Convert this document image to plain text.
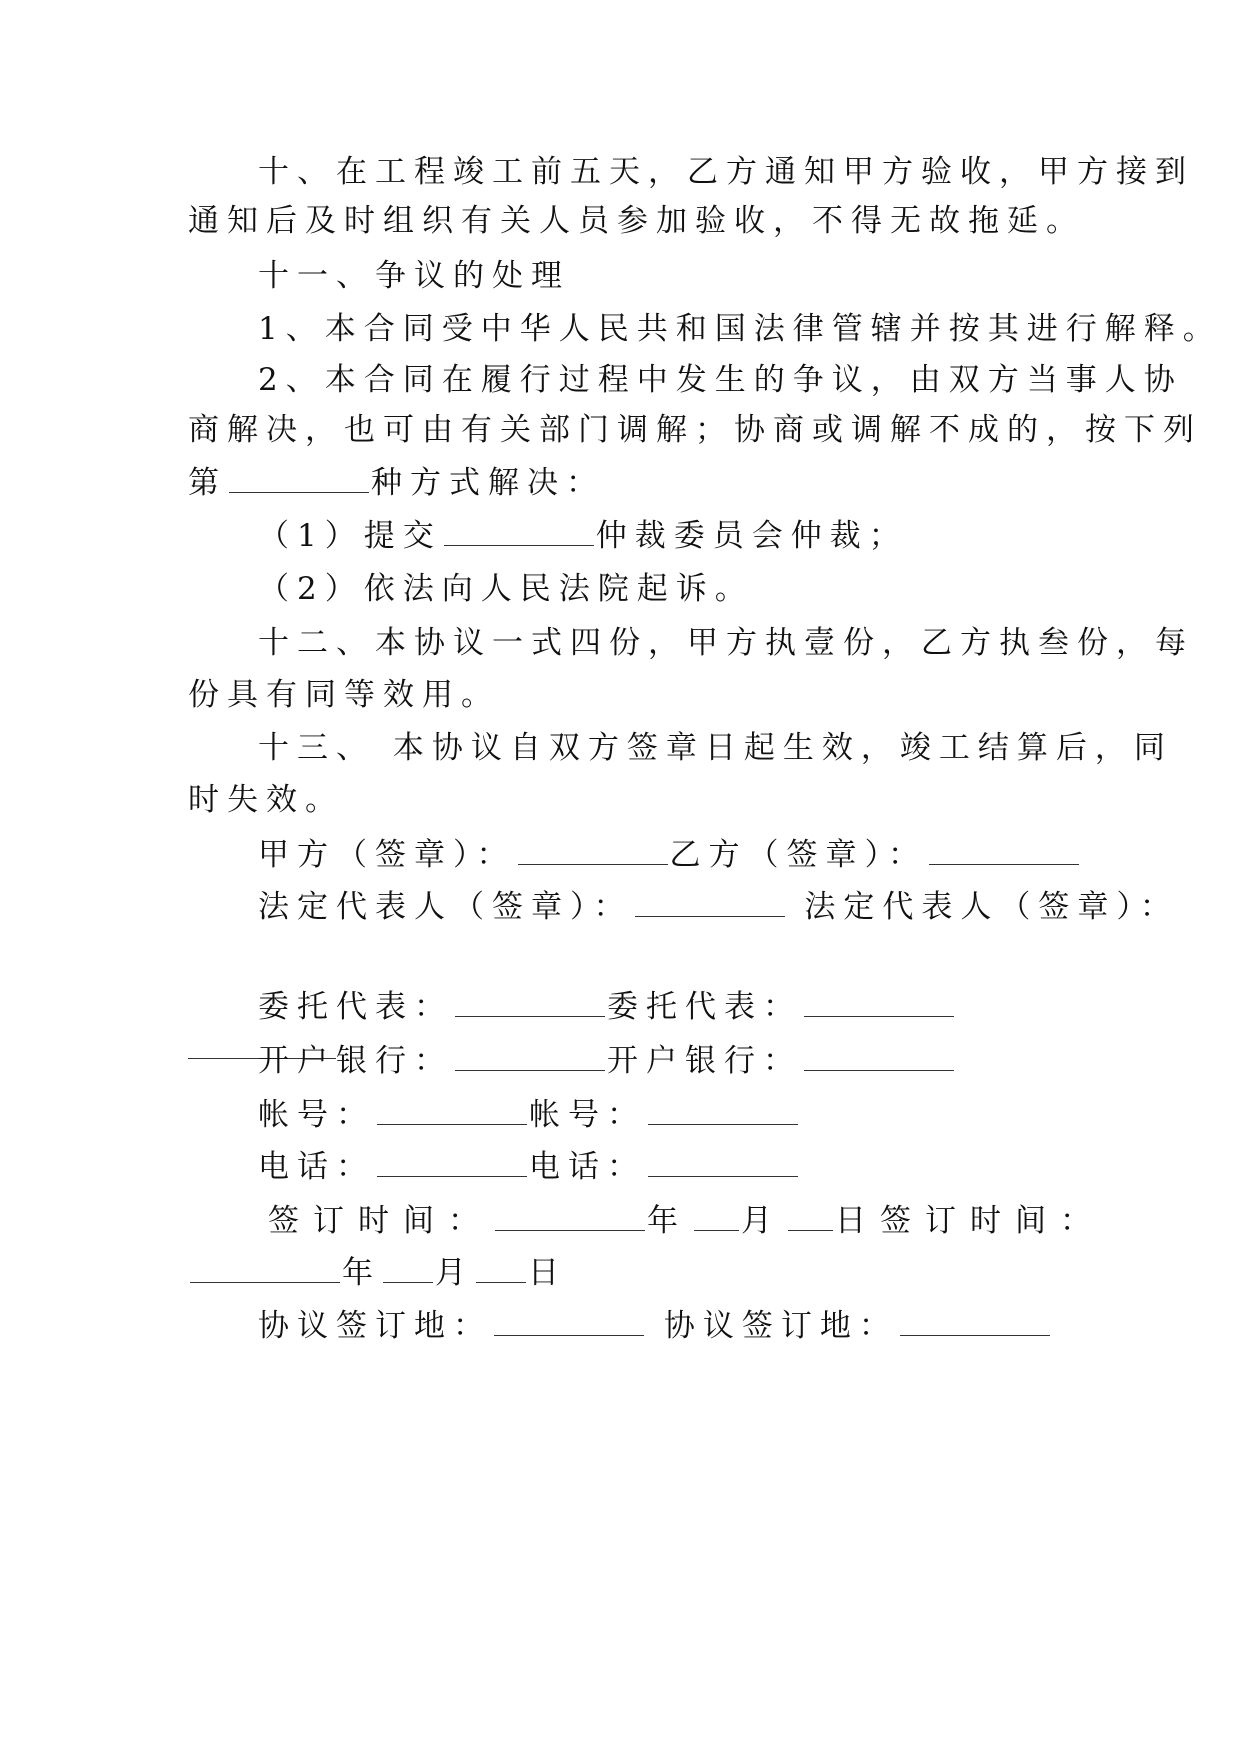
十、在工程竣工前五天，乙方通知甲方验收，甲方接到
通知后及时组织有关人员参加验收，不得无故拖延。
十一、争议的处理
1、本合同受中华人民共和国法律管辖并按其进行解释。
2、本合同在履行过程中发生的争议，由双方当事人协
商解决，也可由有关部门调解；协商或调解不成的，按下列
第	种方式解决：
（1）提交	仲裁委员会仲裁；
（2）依法向人民法院起诉。
十二、本协议一式四份，甲方执壹份，乙方执叁份，每
份具有同等效用。
十三、 本协议自双方签章日起生效，竣工结算后，同
时失效。
甲方（签章）：	乙方（签章）：
法定代表人（签章）：	法定代表人（签章）：
委托代表：	委托代表：
开户银行：	开户银行：
帐号：	帐号：
电话：	电话：
签订时间：	年 月 日签订时间：
年 月 日
协议签订地：	协议签订地：
